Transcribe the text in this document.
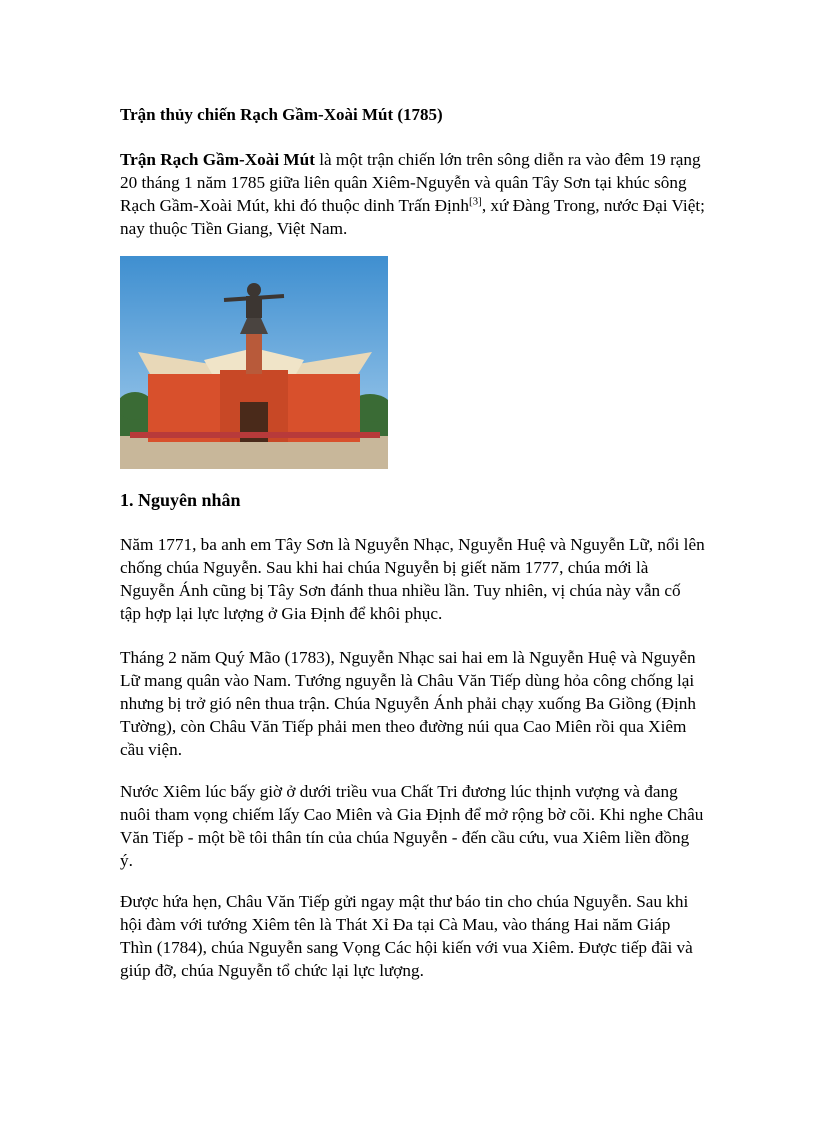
Trận thủy chiến Rạch Gầm-Xoài Mút (1785)

Trận Rạch Gầm-Xoài Mút là một trận chiến lớn trên sông diễn ra vào đêm 19 rạng 20 tháng 1 năm 1785 giữa liên quân Xiêm-Nguyễn và quân Tây Sơn tại khúc sông Rạch Gầm-Xoài Mút, khi đó thuộc dinh Trấn Định[3], xứ Đàng Trong, nước Đại Việt; nay thuộc Tiền Giang, Việt Nam.

1. Nguyên nhân

Năm 1771, ba anh em Tây Sơn là Nguyễn Nhạc, Nguyễn Huệ và Nguyễn Lữ, nổi lên chống chúa Nguyễn. Sau khi hai chúa Nguyễn bị giết năm 1777, chúa mới là Nguyễn Ánh cũng bị Tây Sơn đánh thua nhiều lần. Tuy nhiên, vị chúa này vẫn cố tập hợp lại lực lượng ở Gia Định để khôi phục.

Tháng 2 năm Quý Mão (1783), Nguyễn Nhạc sai hai em là Nguyễn Huệ và Nguyễn Lữ mang quân vào Nam. Tướng nguyễn là Châu Văn Tiếp dùng hỏa công chống lại nhưng bị trở gió nên thua trận. Chúa Nguyễn Ánh phải chạy xuống Ba Giồng (Định Tường), còn Châu Văn Tiếp phải men theo đường núi qua Cao Miên rồi qua Xiêm cầu viện.

Nước Xiêm lúc bấy giờ ở dưới triều vua Chất Tri đương lúc thịnh vượng và đang nuôi tham vọng chiếm lấy Cao Miên và Gia Định để mở rộng bờ cõi. Khi nghe Châu Văn Tiếp - một bề tôi thân tín của chúa Nguyễn - đến cầu cứu, vua Xiêm liền đồng ý.

Được hứa hẹn, Châu Văn Tiếp gửi ngay mật thư báo tin cho chúa Nguyễn. Sau khi hội đàm với tướng Xiêm tên là Thát Xỉ Đa tại Cà Mau, vào tháng Hai năm Giáp Thìn (1784), chúa Nguyễn sang Vọng Các hội kiến với vua Xiêm. Được tiếp đãi và giúp đỡ, chúa Nguyễn tổ chức lại lực lượng.
